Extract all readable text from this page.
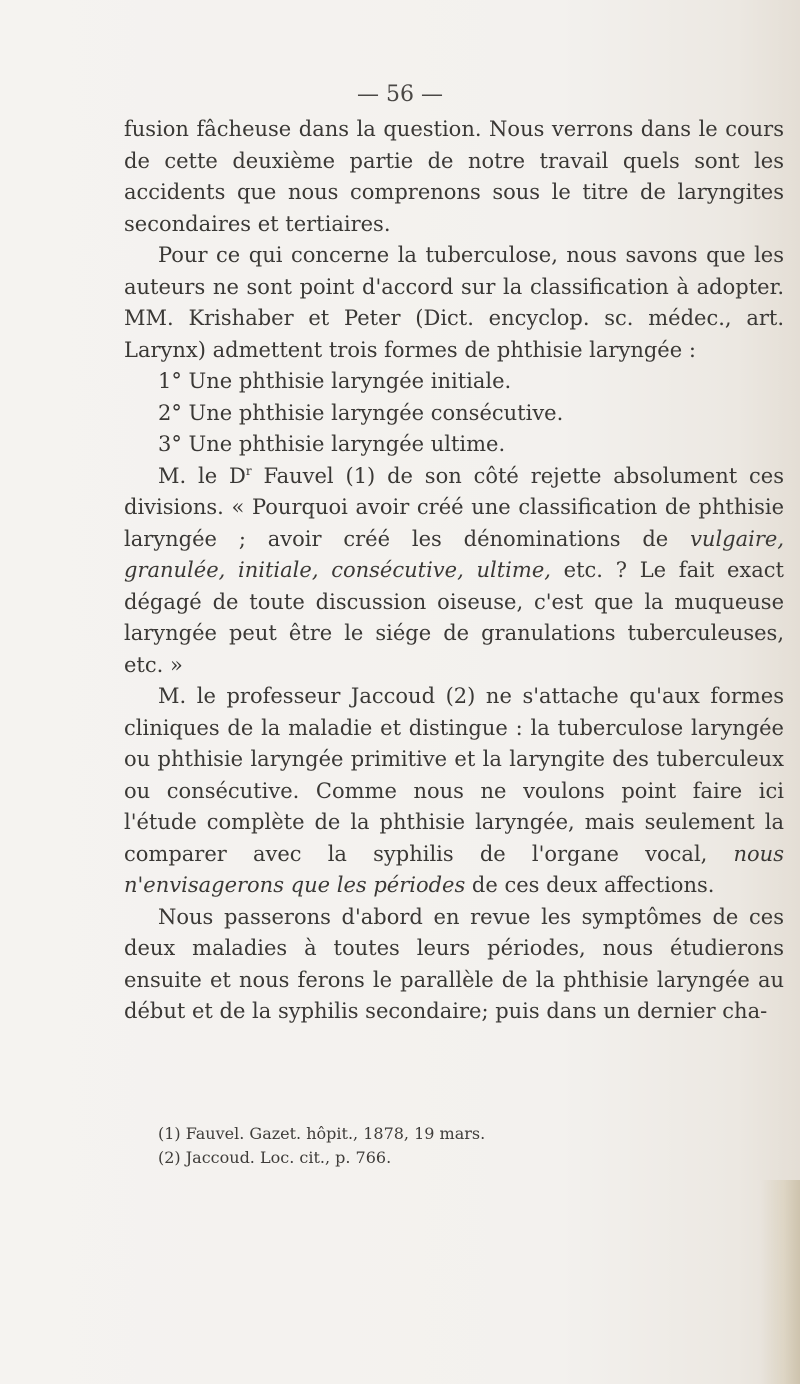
— 56 —

fusion fâcheuse dans la question. Nous verrons dans le cours de cette deuxième partie de notre travail quels sont les accidents que nous comprenons sous le titre de laryngites secondaires et tertiaires.

Pour ce qui concerne la tuberculose, nous savons que les auteurs ne sont point d'accord sur la classification à adopter. MM. Krishaber et Peter (Dict. encyclop. sc. médec., art. Larynx) admettent trois formes de phthisie laryngée :

1° Une phthisie laryngée initiale.

2° Une phthisie laryngée consécutive.

3° Une phthisie laryngée ultime.

M. le $D^r$ Fauvel (1) de son côté rejette absolument ces divisions. « Pourquoi avoir créé une classification de phthisie laryngée ; avoir créé les dénominations de vulgaire, granulée, initiale, consécutive, ultime, etc. ? Le fait exact dégagé de toute discussion oiseuse, c'est que la muqueuse laryngée peut être le siége de granulations tuberculeuses, etc. »

M. le professeur Jaccoud (2) ne s'attache qu'aux formes cliniques de la maladie et distingue : la tuberculose laryngée ou phthisie laryngée primitive et la laryngite des tuberculeux ou consécutive. Comme nous ne voulons point faire ici l'étude complète de la phthisie laryngée, mais seulement la comparer avec la syphilis de l'organe vocal, nous n'envisagerons que les périodes de ces deux affections.

Nous passerons d'abord en revue les symptômes de ces deux maladies à toutes leurs périodes, nous étudierons ensuite et nous ferons le parallèle de la phthisie laryngée au début et de la syphilis secondaire; puis dans un dernier cha-

(1) Fauvel. Gazet. hôpit., 1878, 19 mars.

(2) Jaccoud. Loc. cit., p. 766.
